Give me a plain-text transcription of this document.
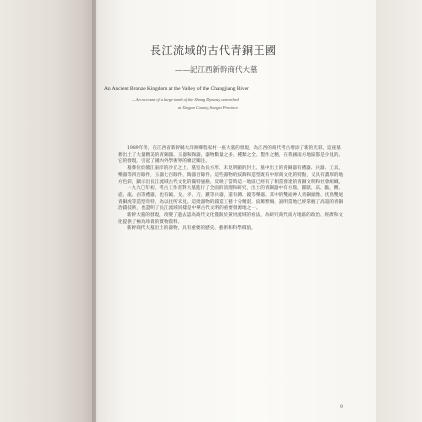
長江流域的古代青銅王國
——記江西新幹商代大墓
An Ancient Bronze Kingdom at the Valley of the Changjiang River
—An account of a large tomb of the Shang Dynasty unearthed
at Xingan County,Jiangxi Province

1989年冬，在江西省新幹縣大洋洲鄉程家村一座大墓的發現，為江西的商代考古增添了新的光彩。這座墓葬出土了大量精美的青銅器、玉器和陶器，器物數量之多、種類之全、製作之精，在我國南方地區都是少見的。它的發現，引起了國內外學術界的廣泛關注。

墓葬位於贛江東岸的沙丘之上，墓室為長方形，未見明顯的封土。墓中出土的青銅器有禮器、兵器、工具、樂器等四百餘件，玉器七百餘件，陶器百餘件。這些器物的紋飾和造型既有中原商文化的特點，又具有濃厚的地方色彩，顯示出長江流域古代文化的獨特風格，反映了當時這一地區已經有了相當發達的青銅文明和社會組織。

一九九〇年初，考古工作者對大墓進行了全面的清理和研究，出土的青銅器中有方鼎、圓鼎、鬲、甗、罍、壺、瓿、卣等禮器，也有鉞、戈、矛、刀、鏃等兵器，還有鎛、鐃等樂器。其中的雙面神人青銅頭像、伏鳥雙尾青銅虎等造型奇特，為以往所未見。這批器物的鑄造工藝十分精湛，紋飾繁縟，說明當地已經掌握了高超的青銅冶鑄技術，也證明了長江流域同樣是中華古代文明的重要發源地之一。

新幹大墓的發現，改變了過去認為商代文化僅限於黃河流域的看法，為研究商代南方地區的政治、經濟和文化提供了極為珍貴的實物資料。

新幹商代大墓出土的器物，具有重要的歷史、藝術和科學價值。

9
